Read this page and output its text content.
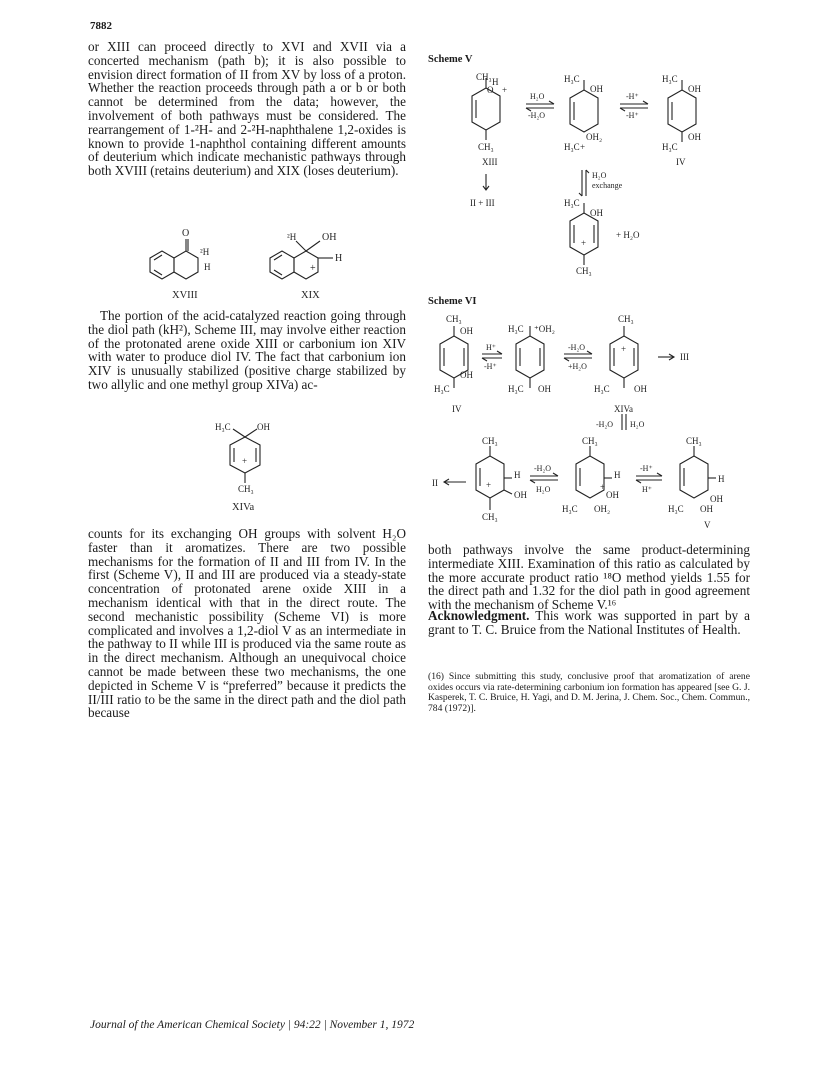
7882

or XIII can proceed directly to XVI and XVII via a concerted mechanism (path b); it is also possible to envision direct formation of II from XV by loss of a proton. Whether the reaction proceeds through path a or b or both cannot be determined from the data; however, the involvement of both pathways must be considered. The rearrangement of 1-²H- and 2-²H-naphthalene 1,2-oxides is known to provide 1-naphthol containing different amounts of deuterium which indicate mechanistic pathways through both XVIII (retains deuterium) and XIX (loses deuterium).

O
²H
H
²H	OH
H
+
XVIII	XIX

The portion of the acid-catalyzed reaction going through the diol path (kH²), Scheme III, may involve either reaction of the protonated arene oxide XIII or carbonium ion XIV with water to produce diol IV. The fact that carbonium ion XIV is unusually stabilized (positive charge stabilized by two allylic and one methyl group XIVa) ac-

H₃C	OH
+
CH₃
XIVa

counts for its exchanging OH groups with solvent H₂O faster than it aromatizes. There are two possible mechanisms for the formation of II and III from IV. In the first (Scheme V), II and III are produced via a steady-state concentration of protonated arene oxide XIII in a mechanism identical with that in the direct route. The second mechanistic possibility (Scheme VI) is more complicated and involves a 1,2-diol V as an intermediate in the pathway to II while III is produced via the same route as in the direct mechanism. Although an unequivocal choice cannot be made between these two mechanisms, the one depicted in Scheme V is “preferred” because it predicts the II/III ratio to be the same in the direct path and the diol path because

Scheme V
CH₃ H
O +
CH₃
XIII
H₂O
-H₂O
H₃C
OH
OH₂
+
H₃C
-H⁺
-H⁺
H₃C
OH
OH
H₃C
IV
H₂O
exchange
II + III	H₃C
OH
+ H₂O
CH₃
+
Scheme VI
CH₃
OH
OH
H₃C
IV
H⁺
-H⁺
H₃C ⁺OH₂
H₃C OH
-H₂O
+H₂O
CH₃
+
H₃C	OH
III
XIVa
-H₂O H₂O
II
CH₃
H
OH
+
CH₃
-H₂O
H₂O
CH₃
H
OH
H₃C OH₂
+
-H⁺
H⁺
CH₃
H
OH
H₃C OH
V

both pathways involve the same product-determining intermediate XIII. Examination of this ratio as calculated by the more accurate product ratio ¹⁸O method yields 1.55 for the direct path and 1.32 for the diol path in good agreement with the mechanism of Scheme V.¹⁶

Acknowledgment. This work was supported in part by a grant to T. C. Bruice from the National Institutes of Health.

(16) Since submitting this study, conclusive proof that aromatization of arene oxides occurs via rate-determining carbonium ion formation has appeared [see G. J. Kasperek, T. C. Bruice, H. Yagi, and D. M. Jerina, J. Chem. Soc., Chem. Commun., 784 (1972)].
Journal of the American Chemical Society | 94:22 | November 1, 1972
